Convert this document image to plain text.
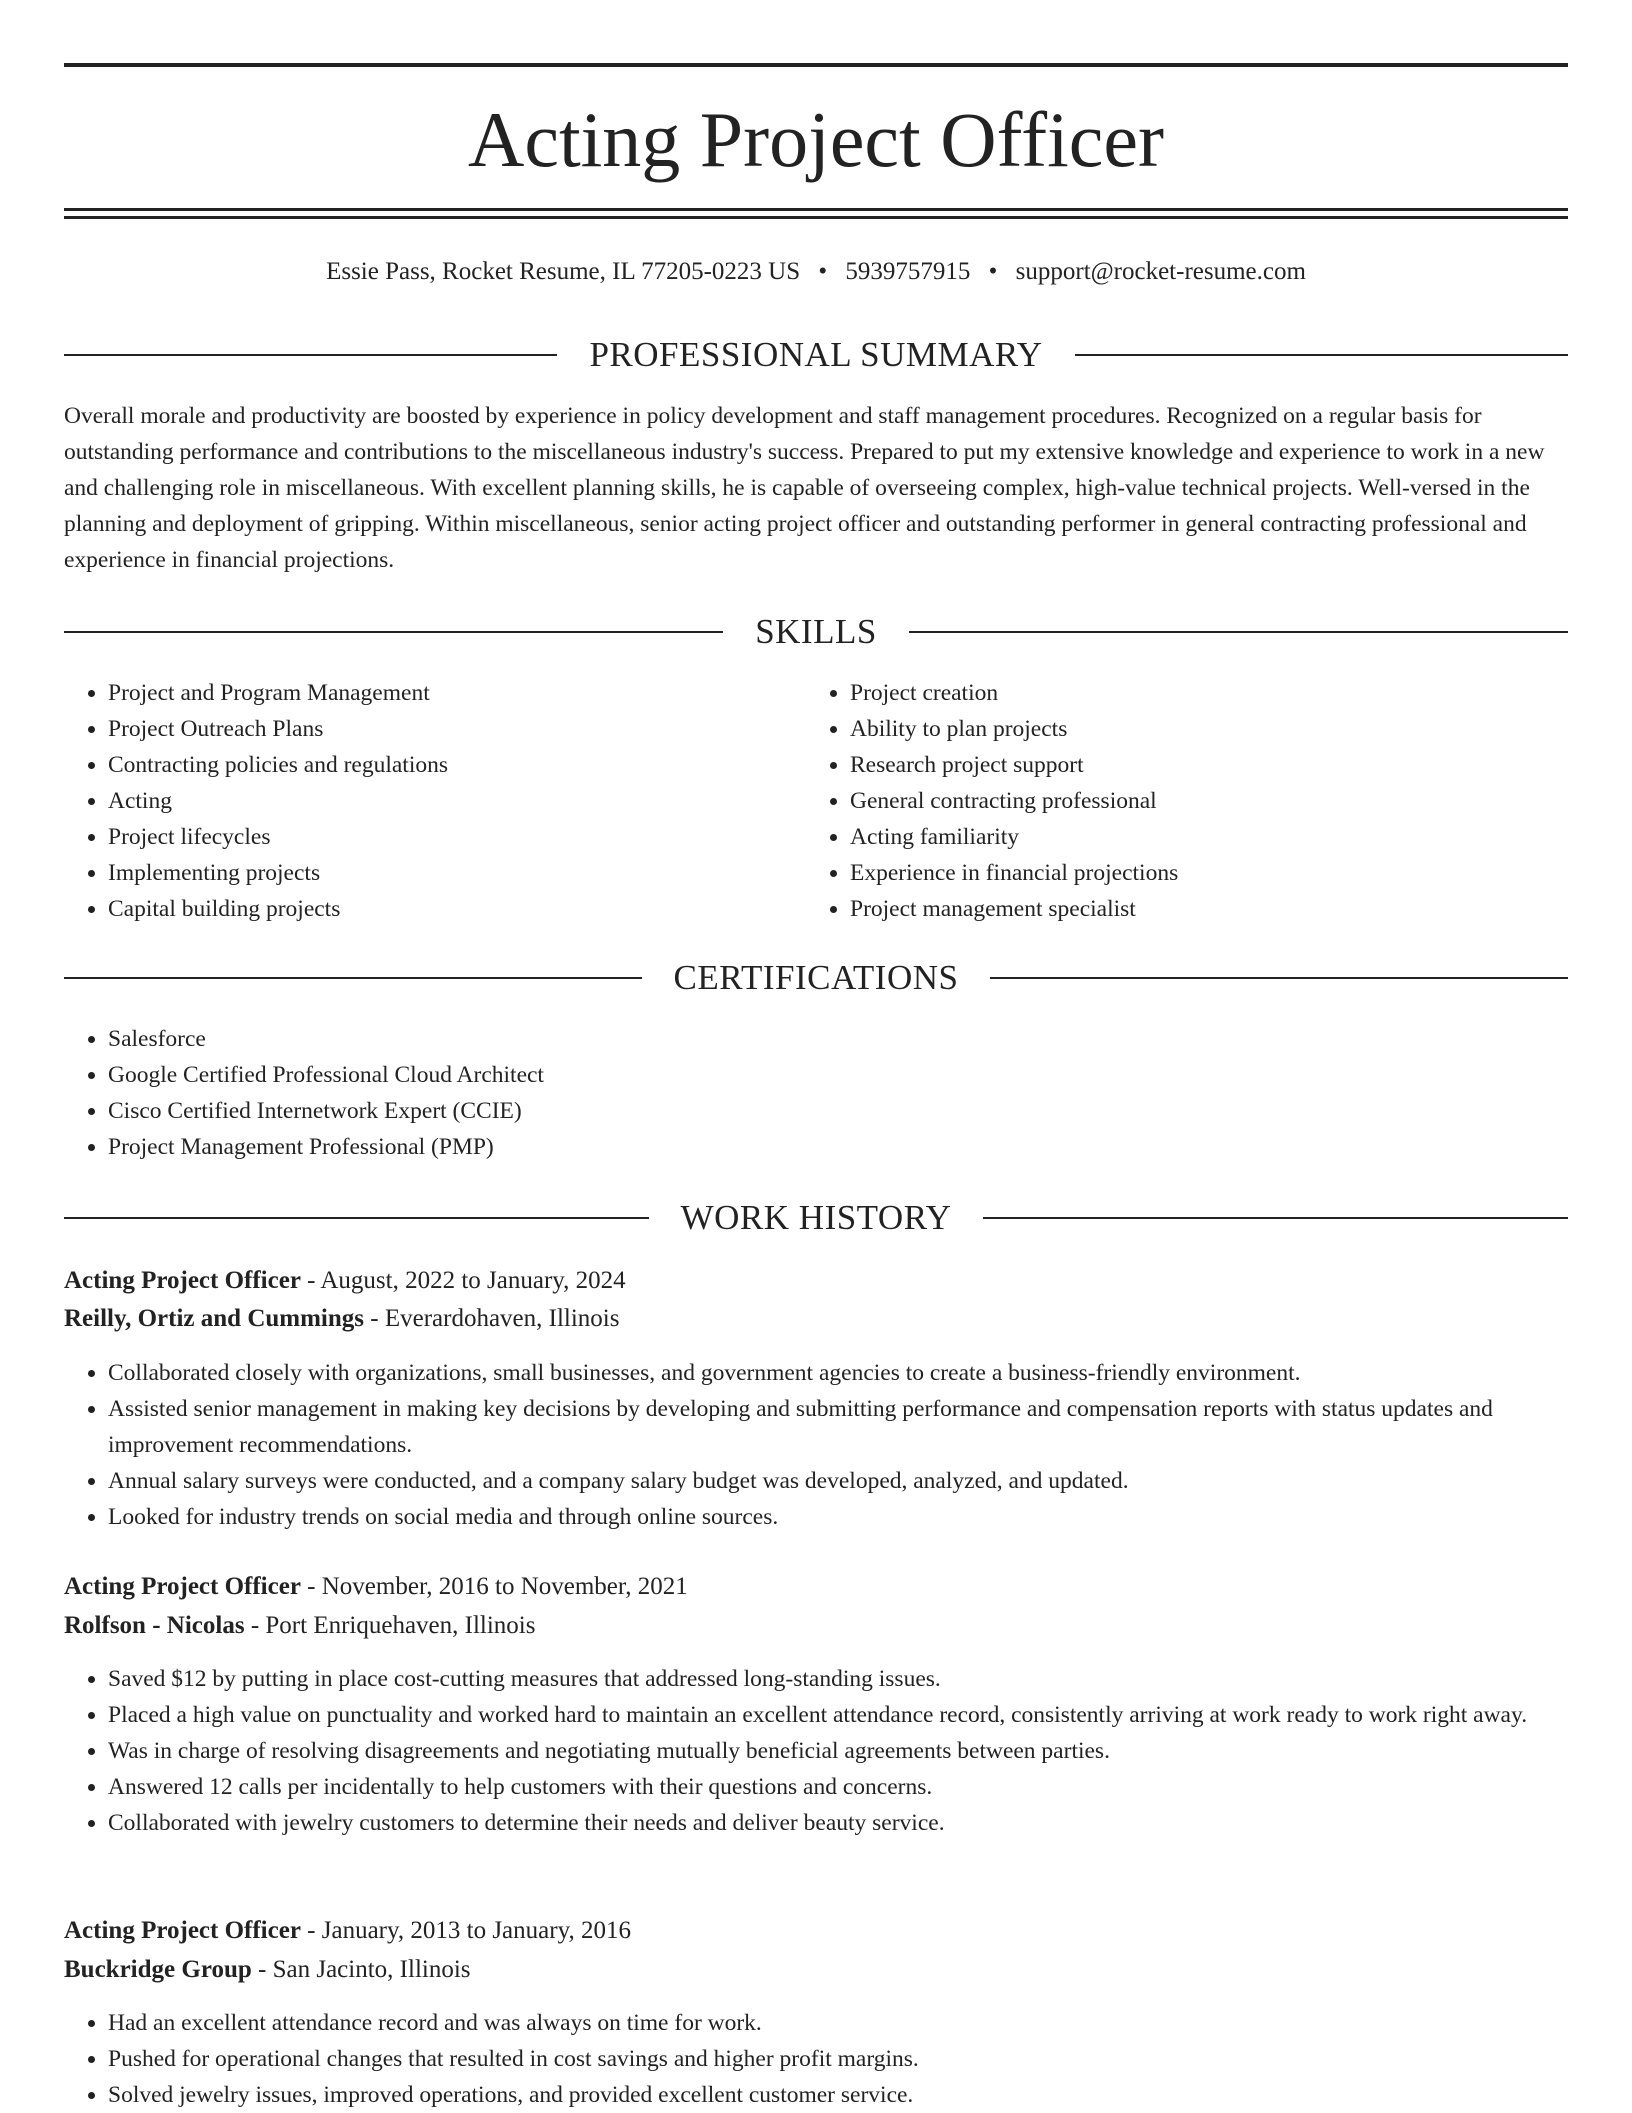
Acting Project Officer
Essie Pass, Rocket Resume, IL 77205-0223 US • 5939757915 • support@rocket-resume.com
PROFESSIONAL SUMMARY

Overall morale and productivity are boosted by experience in policy development and staff management procedures. Recognized on a regular basis for outstanding performance and contributions to the miscellaneous industry's success. Prepared to put my extensive knowledge and experience to work in a new and challenging role in miscellaneous. With excellent planning skills, he is capable of overseeing complex, high-value technical projects. Well-versed in the planning and deployment of gripping. Within miscellaneous, senior acting project officer and outstanding performer in general contracting professional and experience in financial projections.

SKILLS
• Project and Program Management
• Project Outreach Plans
• Contracting policies and regulations
• Acting
• Project lifecycles
• Implementing projects
• Capital building projects
• Project creation
• Ability to plan projects
• Research project support
• General contracting professional
• Acting familiarity
• Experience in financial projections
• Project management specialist
CERTIFICATIONS
• Salesforce
• Google Certified Professional Cloud Architect
• Cisco Certified Internetwork Expert (CCIE)
• Project Management Professional (PMP)
WORK HISTORY
Acting Project Officer - August, 2022 to January, 2024
Reilly, Ortiz and Cummings - Everardohaven, Illinois
• Collaborated closely with organizations, small businesses, and government agencies to create a business-friendly environment.
• Assisted senior management in making key decisions by developing and submitting performance and compensation reports with status updates and improvement recommendations.
• Annual salary surveys were conducted, and a company salary budget was developed, analyzed, and updated.
• Looked for industry trends on social media and through online sources.
Acting Project Officer - November, 2016 to November, 2021
Rolfson - Nicolas - Port Enriquehaven, Illinois
• Saved $12 by putting in place cost-cutting measures that addressed long-standing issues.
• Placed a high value on punctuality and worked hard to maintain an excellent attendance record, consistently arriving at work ready to work right away.
• Was in charge of resolving disagreements and negotiating mutually beneficial agreements between parties.
• Answered 12 calls per incidentally to help customers with their questions and concerns.
• Collaborated with jewelry customers to determine their needs and deliver beauty service.
Acting Project Officer - January, 2013 to January, 2016
Buckridge Group - San Jacinto, Illinois
• Had an excellent attendance record and was always on time for work.
• Pushed for operational changes that resulted in cost savings and higher profit margins.
• Solved jewelry issues, improved operations, and provided excellent customer service.
